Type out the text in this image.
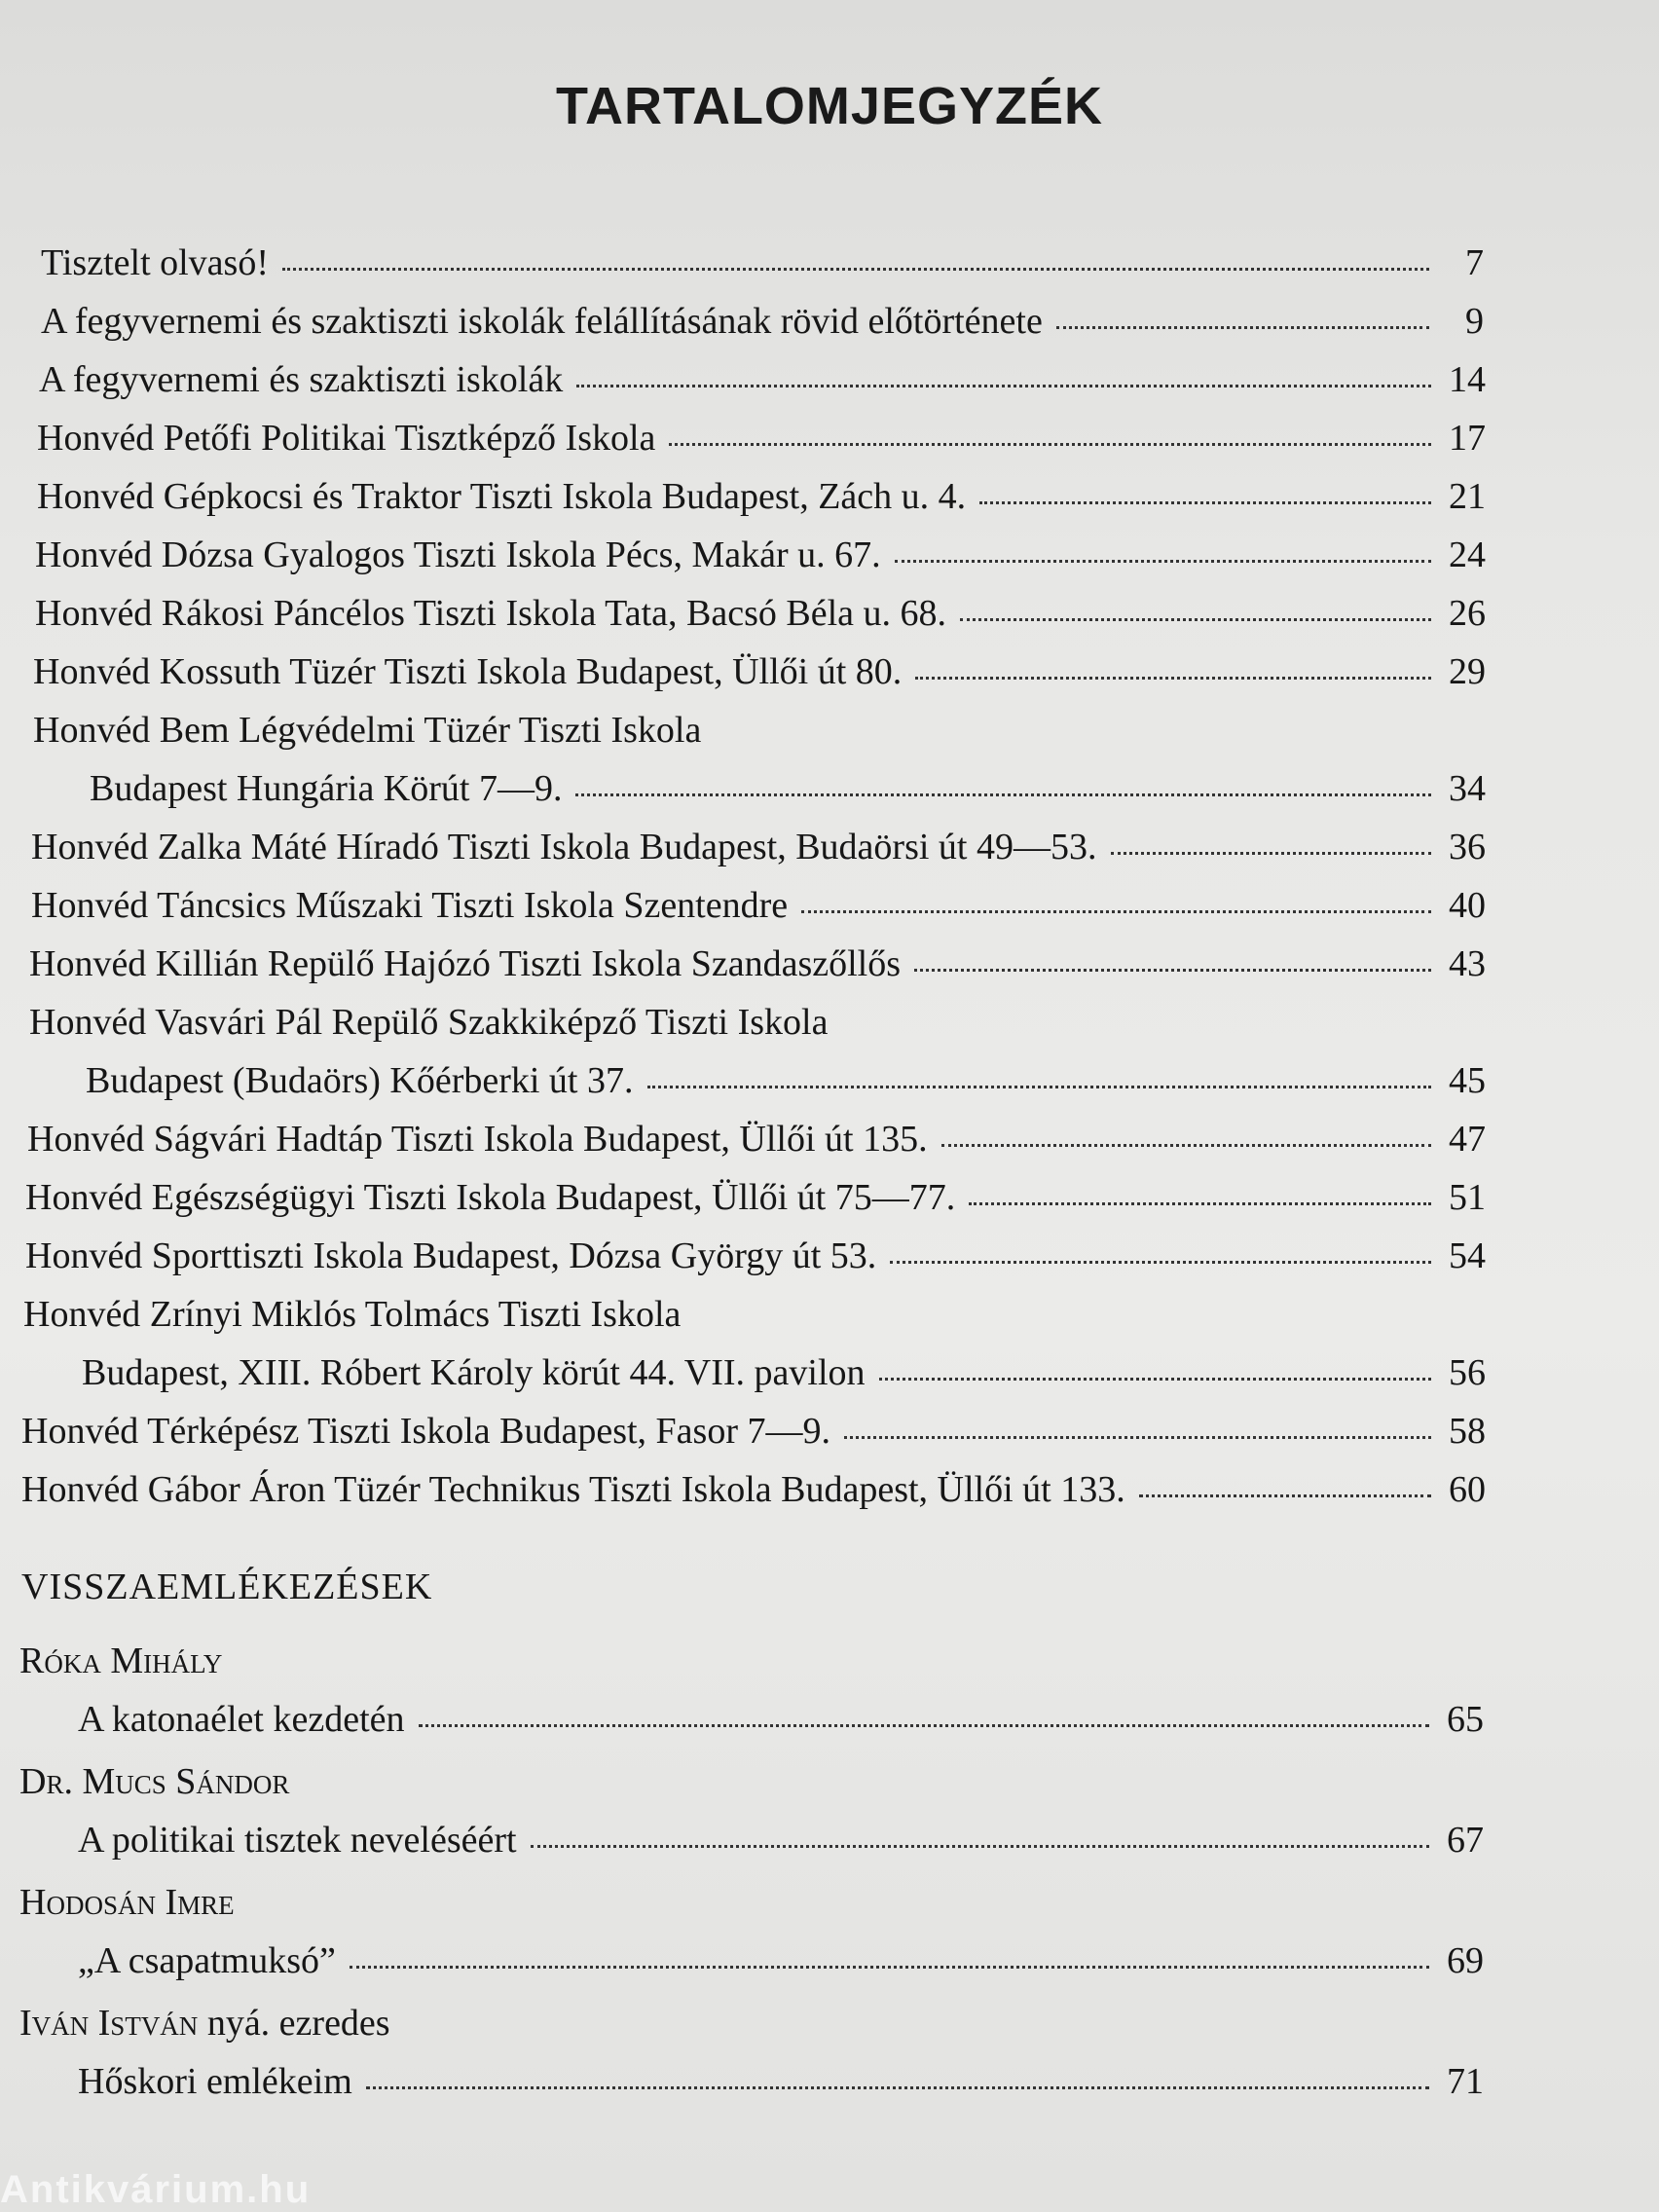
TARTALOMJEGYZÉK
Tisztelt olvasó!	7
A fegyvernemi és szaktiszti iskolák felállításának rövid előtörténete	9
A fegyvernemi és szaktiszti iskolák	14
Honvéd Petőfi Politikai Tisztképző Iskola	17
Honvéd Gépkocsi és Traktor Tiszti Iskola Budapest, Zách u. 4.	21
Honvéd Dózsa Gyalogos Tiszti Iskola Pécs, Makár u. 67.	24
Honvéd Rákosi Páncélos Tiszti Iskola Tata, Bacsó Béla u. 68.	26
Honvéd Kossuth Tüzér Tiszti Iskola Budapest, Üllői út 80.	29
Honvéd Bem Légvédelmi Tüzér Tiszti Iskola
Budapest Hungária Körút 7—9.	34
Honvéd Zalka Máté Híradó Tiszti Iskola Budapest, Budaörsi út 49—53.	36
Honvéd Táncsics Műszaki Tiszti Iskola Szentendre	40
Honvéd Killián Repülő Hajózó Tiszti Iskola Szandaszőllős	43
Honvéd Vasvári Pál Repülő Szakkiképző Tiszti Iskola
Budapest (Budaörs) Kőérberki út 37.	45
Honvéd Ságvári Hadtáp Tiszti Iskola Budapest, Üllői út 135.	47
Honvéd Egészségügyi Tiszti Iskola Budapest, Üllői út 75—77.	51
Honvéd Sporttiszti Iskola Budapest, Dózsa György út 53.	54
Honvéd Zrínyi Miklós Tolmács Tiszti Iskola
Budapest, XIII. Róbert Károly körút 44. VII. pavilon	56
Honvéd Térképész Tiszti Iskola Budapest, Fasor 7—9.	58
Honvéd Gábor Áron Tüzér Technikus Tiszti Iskola Budapest, Üllői út 133.	60
VISSZAEMLÉKEZÉSEK
Róka Mihály
A katonaélet kezdetén	65
Dr. Mucs Sándor
A politikai tisztek neveléséért	67
Hodosán Imre
„A csapatmuksó”	69
Iván István nyá. ezredes
Hőskori emlékeim	71
Antikvárium.hu
